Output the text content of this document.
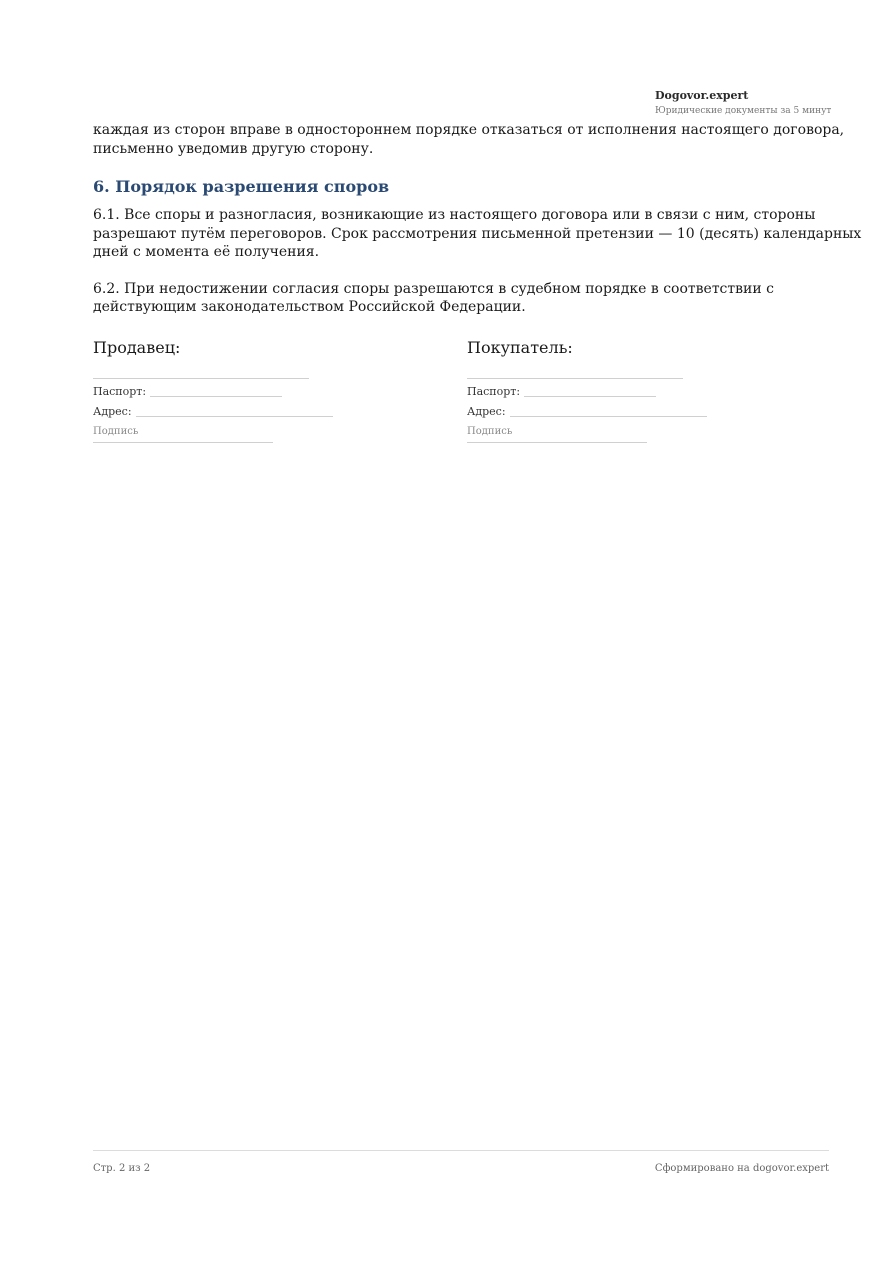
Dogovor.expert
Юридические документы за 5 минут

каждая из сторон вправе в одностороннем порядке отказаться от исполнения настоящего договора, письменно уведомив другую сторону.

6. Порядок разрешения споров

6.1. Все споры и разногласия, возникающие из настоящего договора или в связи с ним, стороны разрешают путём переговоров. Срок рассмотрения письменной претензии — 10 (десять) календарных дней с момента её получения.

6.2. При недостижении согласия споры разрешаются в судебном порядке в соответствии с действующим законодательством Российской Федерации.

Продавец:
Паспорт:
Адрес:
Подпись
Покупатель:
Паспорт:
Адрес:
Подпись
Стр. 2 из 2	Сформировано на dogovor.expert
